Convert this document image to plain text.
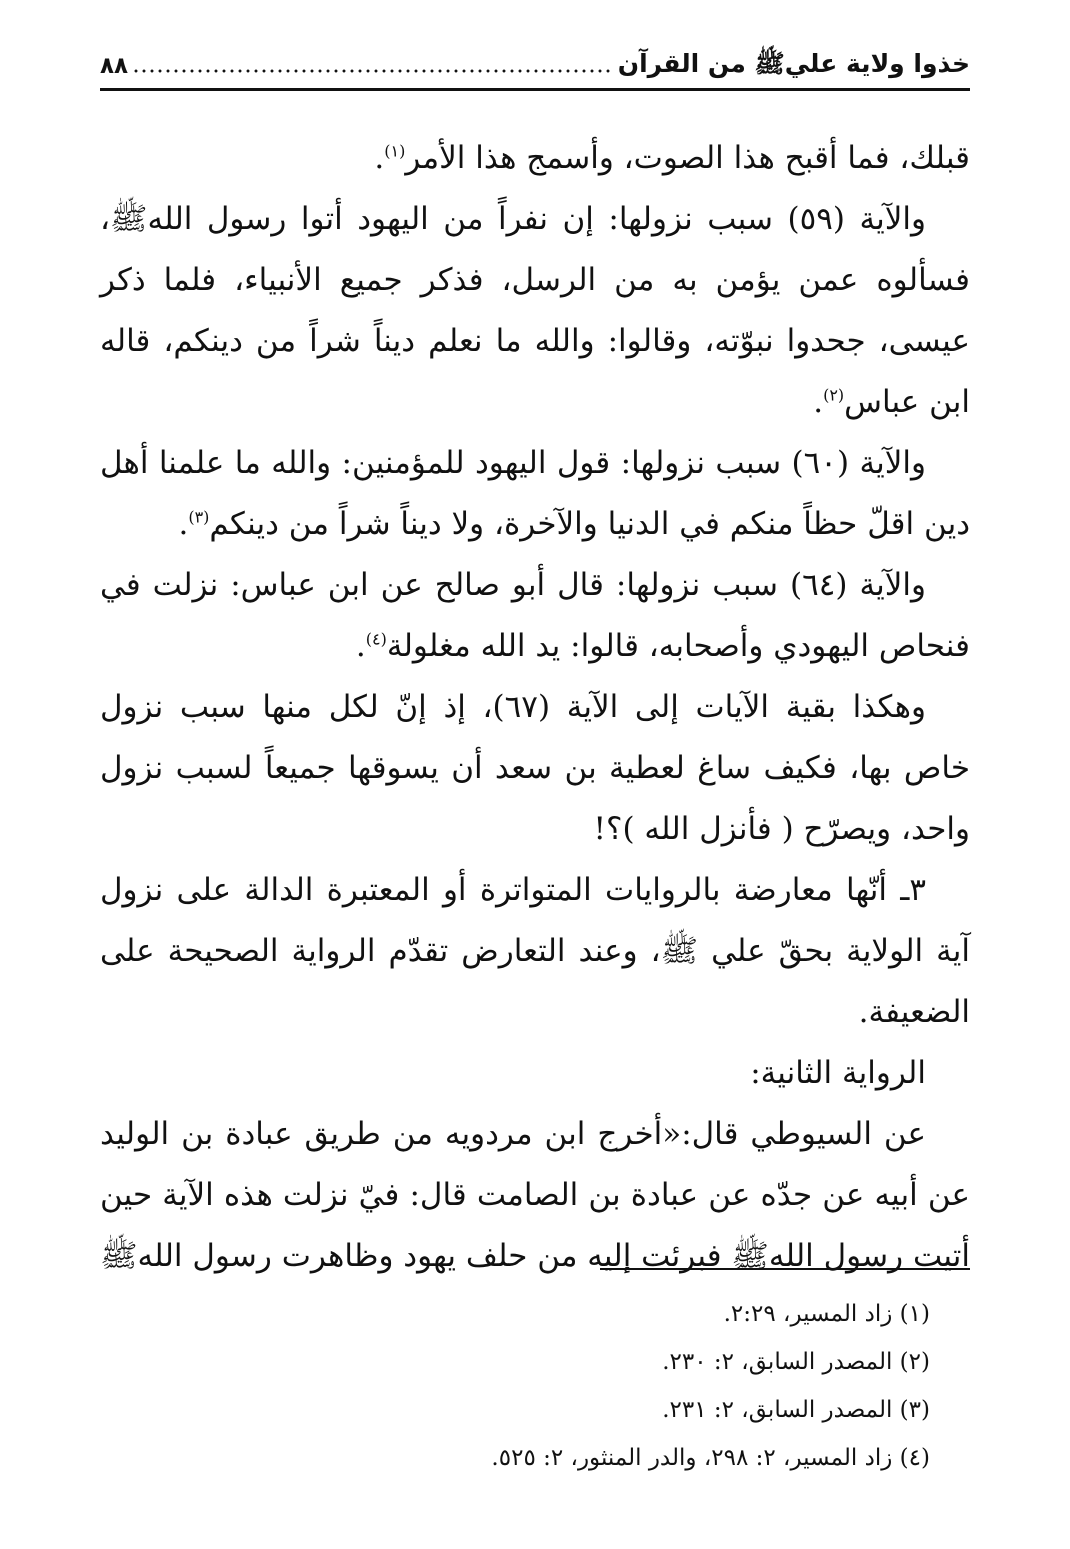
خذوا ولاية عليﷺ من القرآن
٨٨

قبلك، فما أقبح هذا الصوت، وأسمج هذا الأمر$^{(١)}$.

والآية (٥٩) سبب نزولها: إن نفراً من اليهود أتوا رسول اللهﷺ، فسألوه عمن يؤمن به من الرسل، فذكر جميع الأنبياء، فلما ذكر عيسى، جحدوا نبوّته، وقالوا: والله ما نعلم ديناً شراً من دينكم، قاله ابن عباس$^{(٢)}$.

والآية (٦٠) سبب نزولها: قول اليهود للمؤمنين: والله ما علمنا أهل دين اقلّ حظاً منكم في الدنيا والآخرة، ولا ديناً شراً من دينكم$^{(٣)}$.

والآية (٦٤) سبب نزولها: قال أبو صالح عن ابن عباس: نزلت في فنحاص اليهودي وأصحابه، قالوا: يد الله مغلولة$^{(٤)}$.

وهكذا بقية الآيات إلى الآية (٦٧)، إذ إنّ لكل منها سبب نزول خاص بها، فكيف ساغ لعطية بن سعد أن يسوقها جميعاً لسبب نزول واحد، ويصرّح ( فأنزل الله )؟!

٣ـ أنّها معارضة بالروايات المتواترة أو المعتبرة الدالة على نزول آية الولاية بحقّ علي ﷺ، وعند التعارض تقدّم الرواية الصحيحة على الضعيفة.

الرواية الثانية:

عن السيوطي قال:«أخرج ابن مردويه من طريق عبادة بن الوليد عن أبيه عن جدّه عن عبادة بن الصامت قال: فيّ نزلت هذه الآية حين أتيت رسول اللهﷺ فبرئت إليه من حلف يهود وظاهرت رسول اللهﷺ

(١) زاد المسير، ٢:٢٩.

(٢) المصدر السابق، ٢: ٢٣٠.

(٣) المصدر السابق، ٢: ٢٣١.

(٤) زاد المسير، ٢: ٢٩٨، والدر المنثور، ٢: ٥٢٥.
